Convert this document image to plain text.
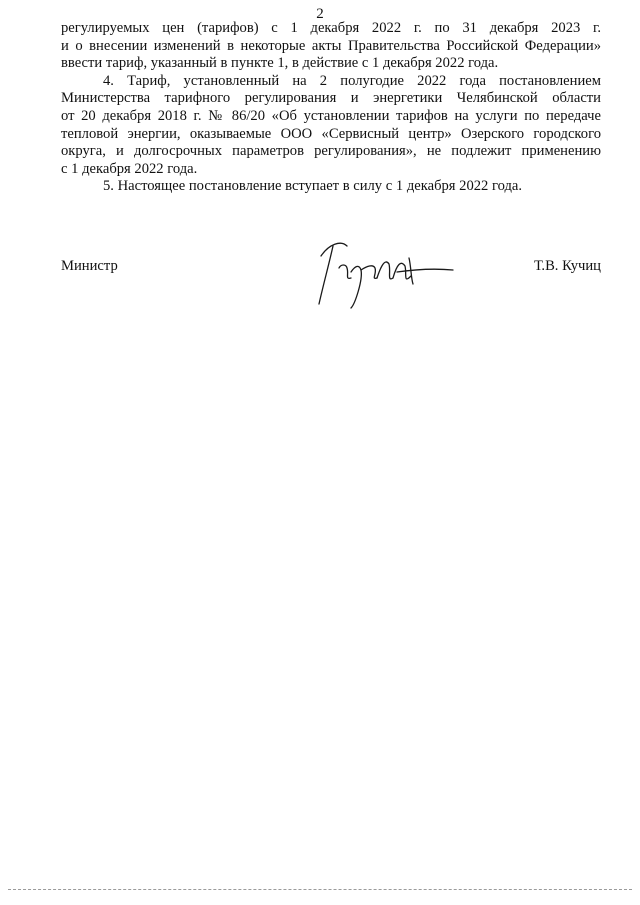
2

регулируемых цен (тарифов) с 1 декабря 2022 г. по 31 декабря 2023 г.
и о внесении изменений в некоторые акты Правительства Российской Федерации»
ввести тариф, указанный в пункте 1, в действие с 1 декабря 2022 года.

4. Тариф, установленный на 2 полугодие 2022 года постановлением
Министерства тарифного регулирования и энергетики Челябинской области
от 20 декабря 2018 г. № 86/20 «Об установлении тарифов на услуги по передаче
тепловой энергии, оказываемые ООО «Сервисный центр» Озерского городского
округа, и долгосрочных параметров регулирования», не подлежит применению
с 1 декабря 2022 года.

5. Настоящее постановление вступает в силу с 1 декабря 2022 года.

Министр	Т.В. Кучиц
